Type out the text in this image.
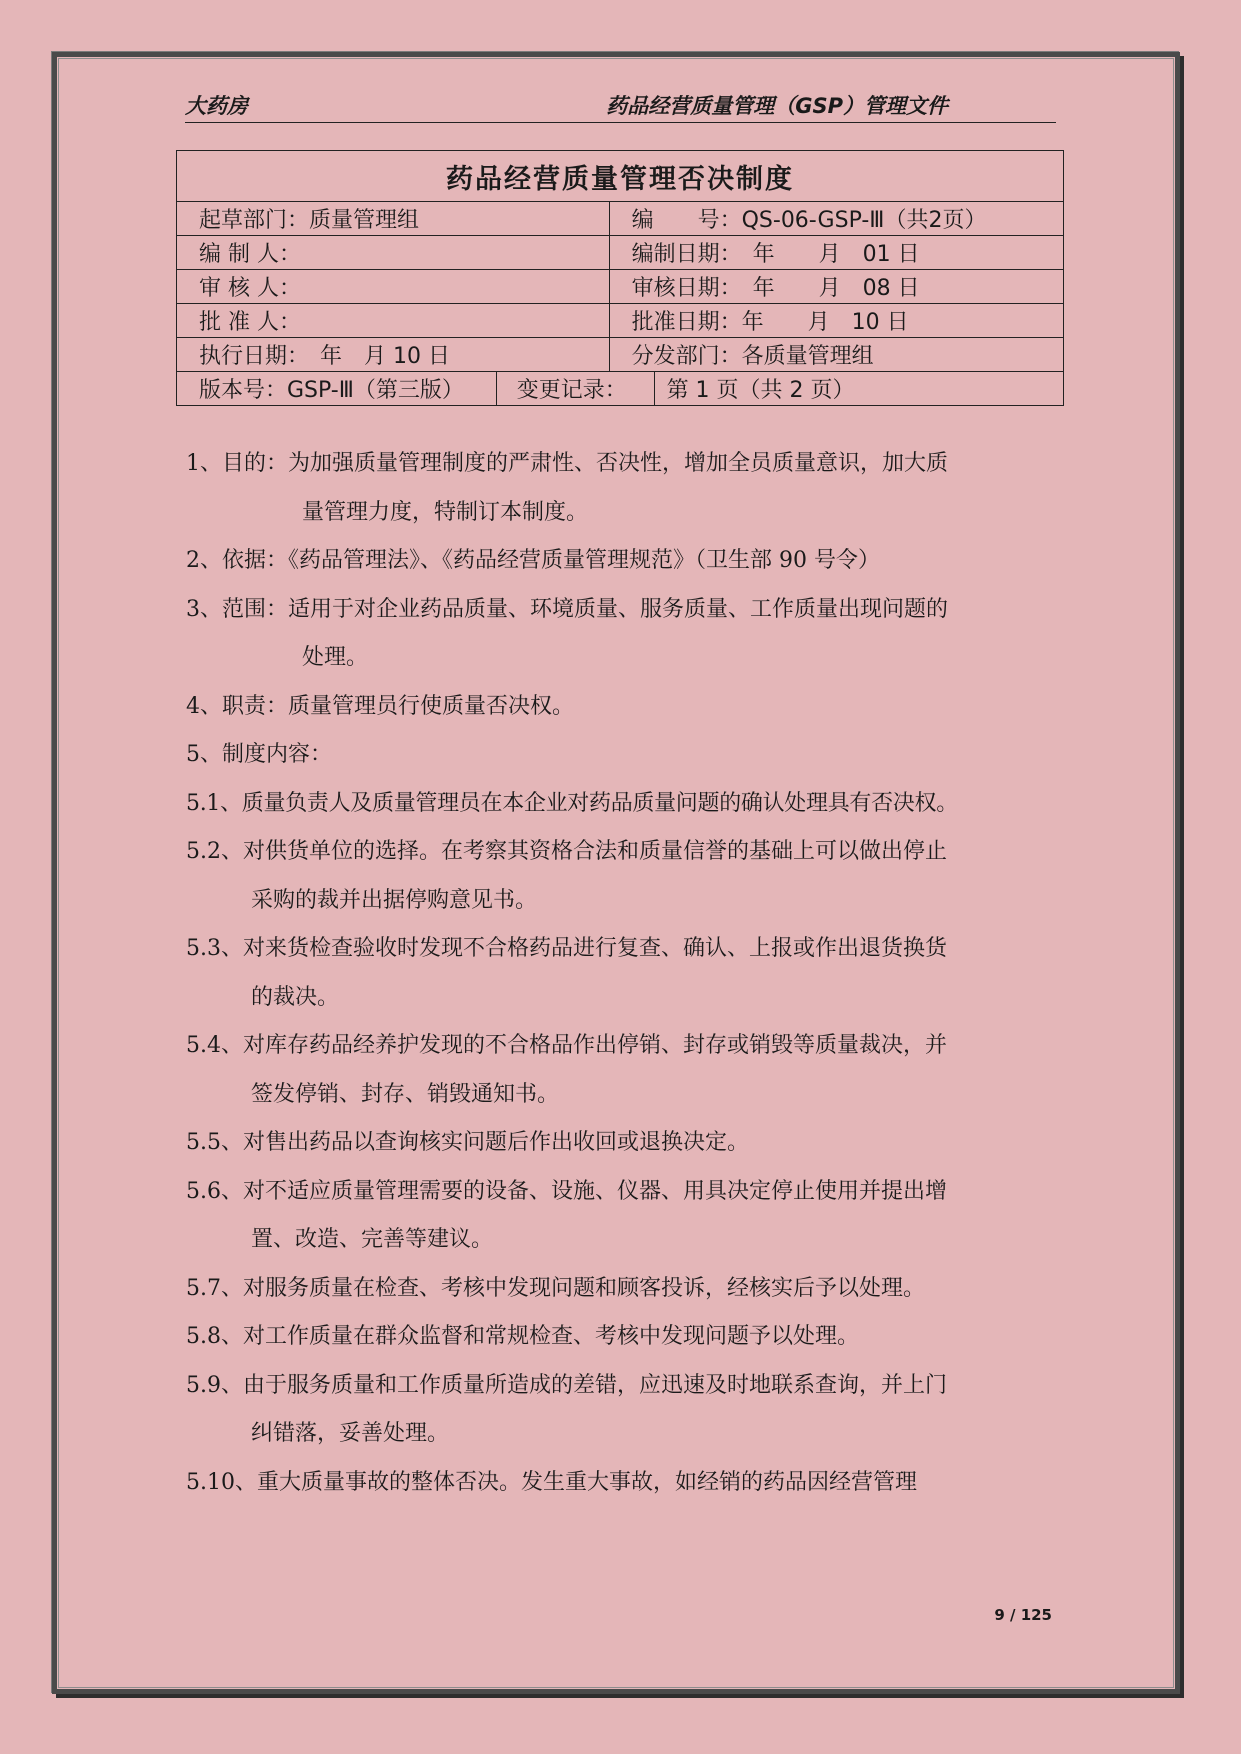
大药房	药品经营质量管理（GSP）管理文件
药品经营质量管理否决制度			
起草部门：质量管理组		编　　号：QS-06-GSP-Ⅲ（共2页）	
编 制 人：		编制日期：　年　　月　01 日	
审 核 人：		审核日期：　年　　月　08 日	
批 准 人：		批准日期：年　　月　10 日	
执行日期：　年　月 10 日		分发部门：各质量管理组	
版本号：GSP-Ⅲ（第三版）	变更记录：		第 1 页（共 2 页）
1、目的：为加强质量管理制度的严肃性、否决性，增加全员质量意识，加大质
量管理力度，特制订本制度。
2、依据：《药品管理法》、《药品经营质量管理规范》（卫生部 90 号令）
3、范围：适用于对企业药品质量、环境质量、服务质量、工作质量出现问题的
处理。
4、职责：质量管理员行使质量否决权。
5、制度内容：
5.1、质量负责人及质量管理员在本企业对药品质量问题的确认处理具有否决权。
5.2、对供货单位的选择。在考察其资格合法和质量信誉的基础上可以做出停止
采购的裁并出据停购意见书。
5.3、对来货检查验收时发现不合格药品进行复查、确认、上报或作出退货换货
的裁决。
5.4、对库存药品经养护发现的不合格品作出停销、封存或销毁等质量裁决，并
签发停销、封存、销毁通知书。
5.5、对售出药品以查询核实问题后作出收回或退换决定。
5.6、对不适应质量管理需要的设备、设施、仪器、用具决定停止使用并提出增
置、改造、完善等建议。
5.7、对服务质量在检查、考核中发现问题和顾客投诉，经核实后予以处理。
5.8、对工作质量在群众监督和常规检查、考核中发现问题予以处理。
5.9、由于服务质量和工作质量所造成的差错，应迅速及时地联系查询，并上门
纠错落，妥善处理。
5.10、重大质量事故的整体否决。发生重大事故，如经销的药品因经营管理
9 / 125
